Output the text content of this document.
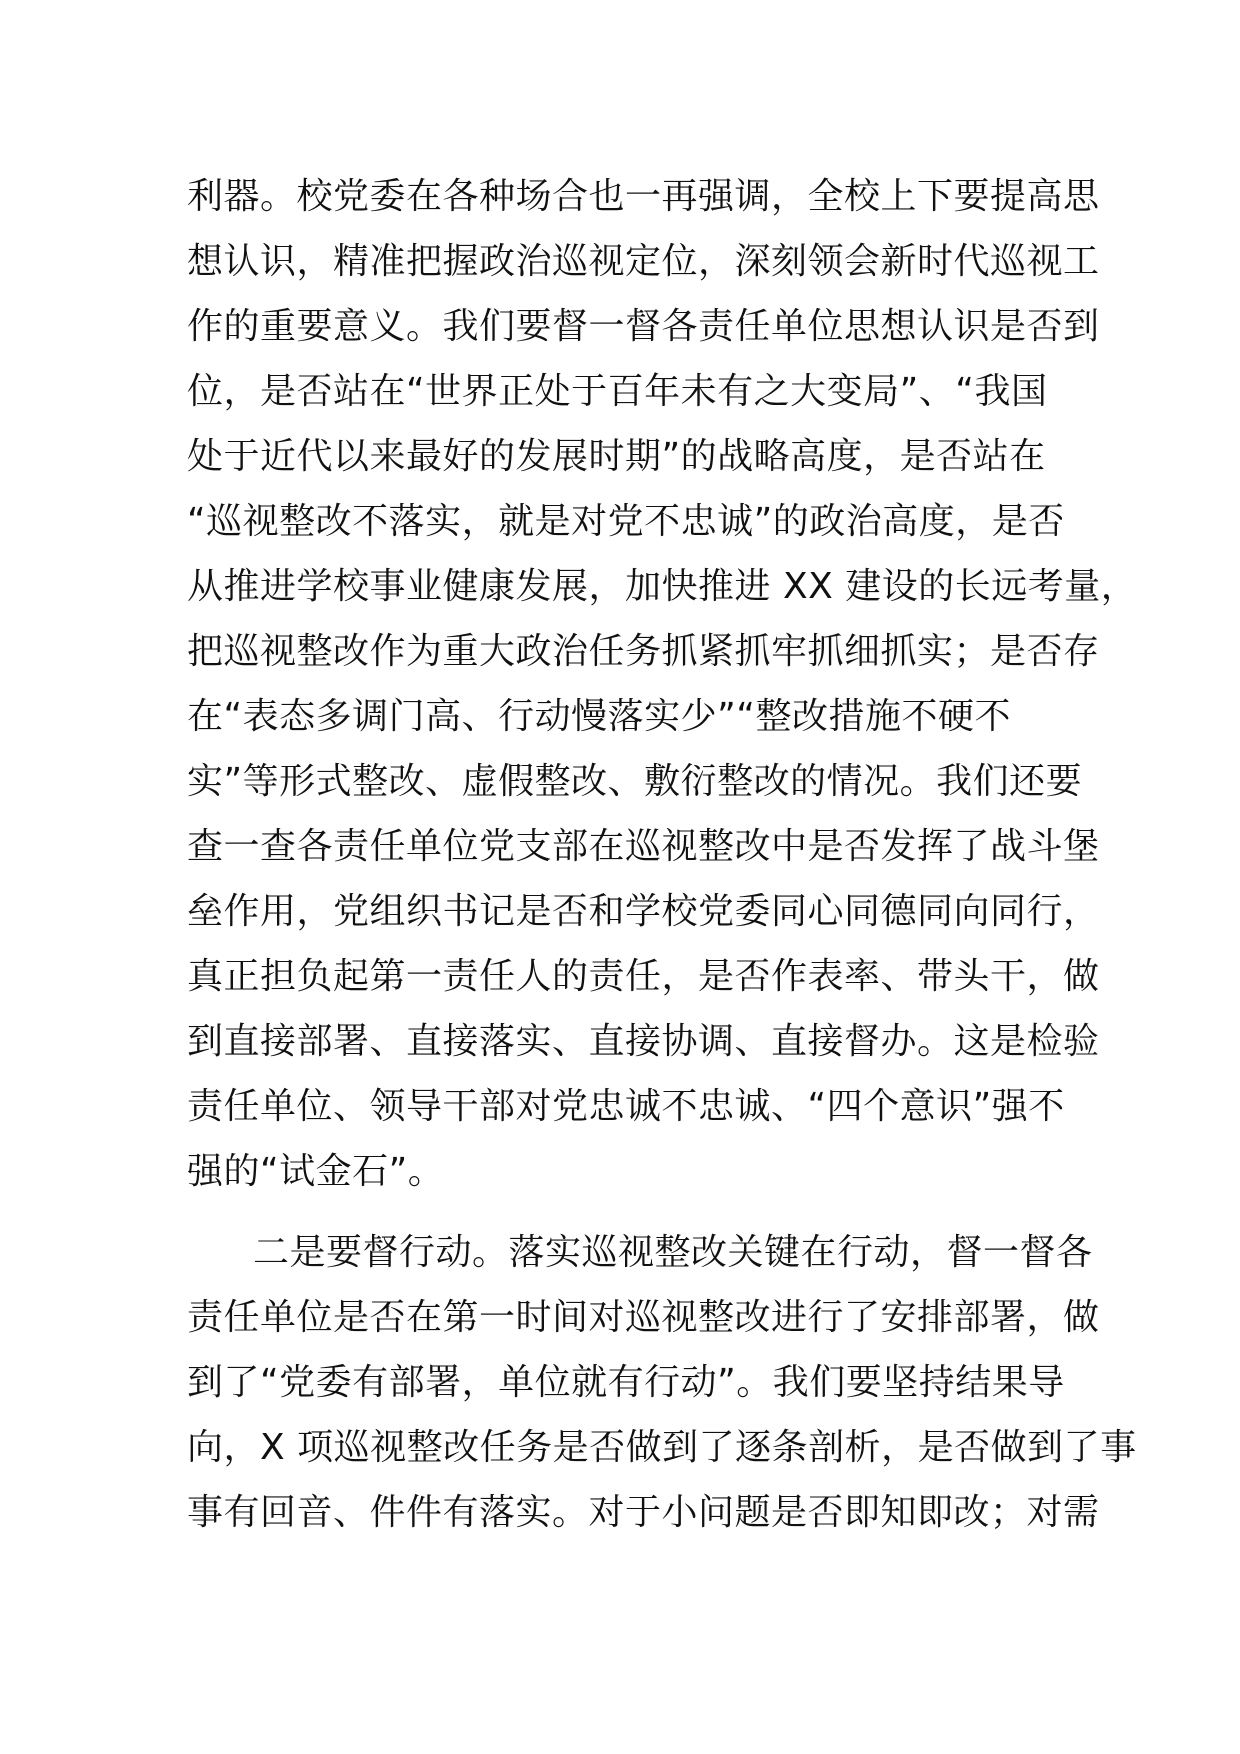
利器。校党委在各种场合也一再强调，全校上下要提高思
想认识，精准把握政治巡视定位，深刻领会新时代巡视工
作的重要意义。我们要督一督各责任单位思想认识是否到
位，是否站在“世界正处于百年未有之大变局”、“我国
处于近代以来最好的发展时期”的战略高度，是否站在
“巡视整改不落实，就是对党不忠诚”的政治高度，是否
从推进学校事业健康发展，加快推进 XX 建设的长远考量，
把巡视整改作为重大政治任务抓紧抓牢抓细抓实；是否存
在“表态多调门高、行动慢落实少”“整改措施不硬不
实”等形式整改、虚假整改、敷衍整改的情况。我们还要
查一查各责任单位党支部在巡视整改中是否发挥了战斗堡
垒作用，党组织书记是否和学校党委同心同德同向同行，
真正担负起第一责任人的责任，是否作表率、带头干，做
到直接部署、直接落实、直接协调、直接督办。这是检验
责任单位、领导干部对党忠诚不忠诚、“四个意识”强不
强的“试金石”。
二是要督行动。落实巡视整改关键在行动，督一督各
责任单位是否在第一时间对巡视整改进行了安排部署，做
到了“党委有部署，单位就有行动”。我们要坚持结果导
向，X 项巡视整改任务是否做到了逐条剖析，是否做到了事
事有回音、件件有落实。对于小问题是否即知即改；对需
